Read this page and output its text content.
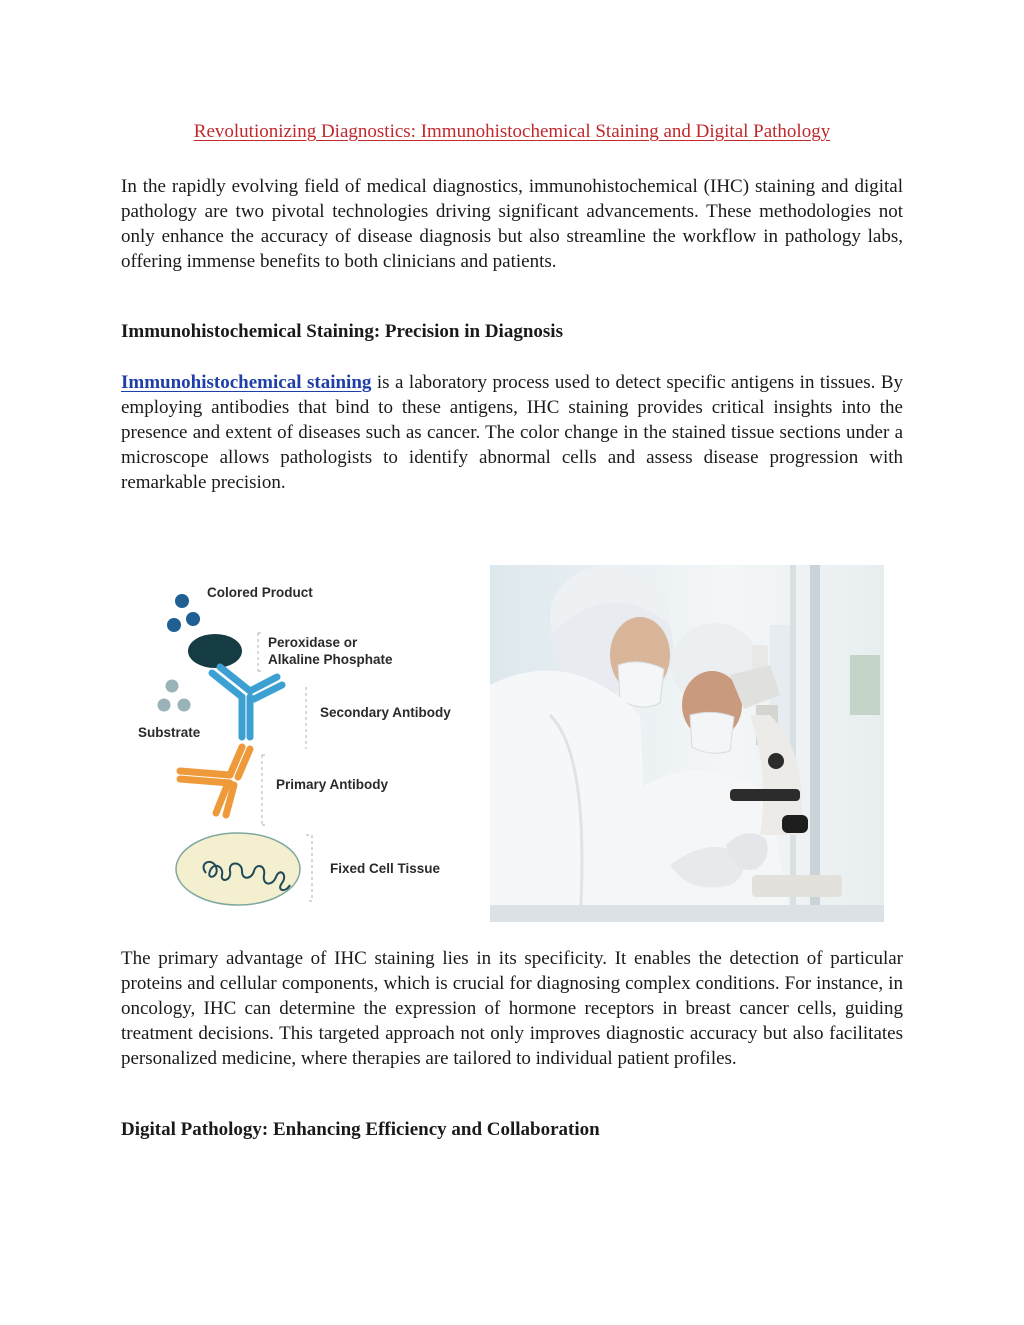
Revolutionizing Diagnostics: Immunohistochemical Staining and Digital Pathology

In the rapidly evolving field of medical diagnostics, immunohistochemical (IHC) staining and digital pathology are two pivotal technologies driving significant advancements. These methodologies not only enhance the accuracy of disease diagnosis but also streamline the workflow in pathology labs, offering immense benefits to both clinicians and patients.

Immunohistochemical Staining: Precision in Diagnosis

Immunohistochemical staining is a laboratory process used to detect specific antigens in tissues. By employing antibodies that bind to these antigens, IHC staining provides critical insights into the presence and extent of diseases such as cancer. The color change in the stained tissue sections under a microscope allows pathologists to identify abnormal cells and assess disease progression with remarkable precision.

Colored Product
Peroxidase or
Alkaline Phosphate
Secondary Antibody
Substrate
Primary Antibody
Fixed Cell Tissue

The primary advantage of IHC staining lies in its specificity. It enables the detection of particular proteins and cellular components, which is crucial for diagnosing complex conditions. For instance, in oncology, IHC can determine the expression of hormone receptors in breast cancer cells, guiding treatment decisions. This targeted approach not only improves diagnostic accuracy but also facilitates personalized medicine, where therapies are tailored to individual patient profiles.

Digital Pathology: Enhancing Efficiency and Collaboration
